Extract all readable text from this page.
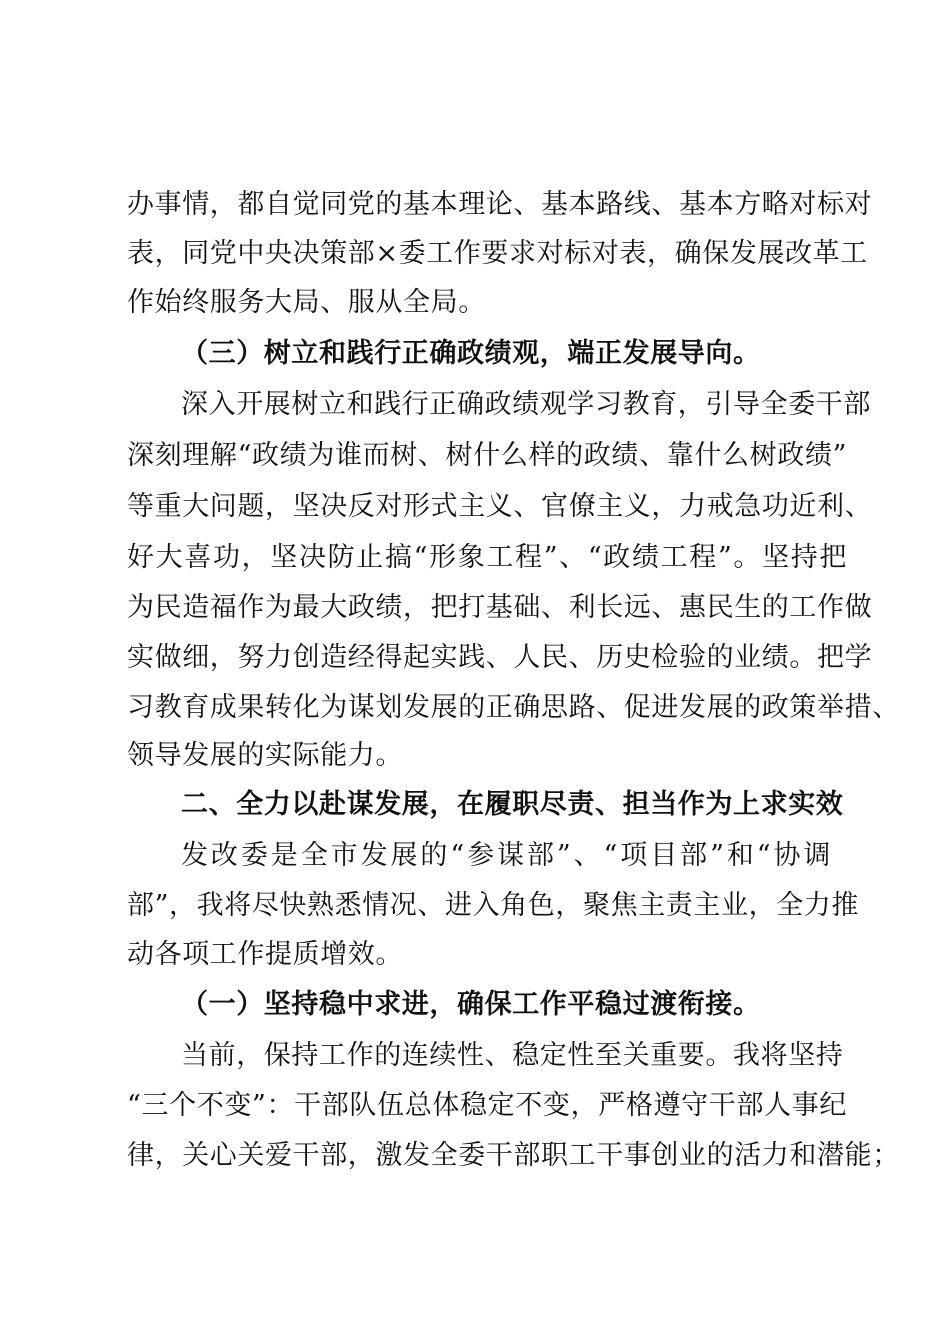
办事情，都自觉同党的基本理论、基本路线、基本方略对标对
表，同党中央决策部×委工作要求对标对表，确保发展改革工
作始终服务大局、服从全局。
（三）树立和践行正确政绩观，端正发展导向。
深入开展树立和践行正确政绩观学习教育，引导全委干部
深刻理解“政绩为谁而树、树什么样的政绩、靠什么树政绩”
等重大问题，坚决反对形式主义、官僚主义，力戒急功近利、
好大喜功，坚决防止搞“形象工程”、“政绩工程”。坚持把
为民造福作为最大政绩，把打基础、利长远、惠民生的工作做
实做细，努力创造经得起实践、人民、历史检验的业绩。把学
习教育成果转化为谋划发展的正确思路、促进发展的政策举措、
领导发展的实际能力。
二、全力以赴谋发展，在履职尽责、担当作为上求实效
发改委是全市发展的“参谋部”、“项目部”和“协调
部”，我将尽快熟悉情况、进入角色，聚焦主责主业，全力推
动各项工作提质增效。
（一）坚持稳中求进，确保工作平稳过渡衔接。
当前，保持工作的连续性、稳定性至关重要。我将坚持
“三个不变”：干部队伍总体稳定不变，严格遵守干部人事纪
律，关心关爱干部，激发全委干部职工干事创业的活力和潜能；
